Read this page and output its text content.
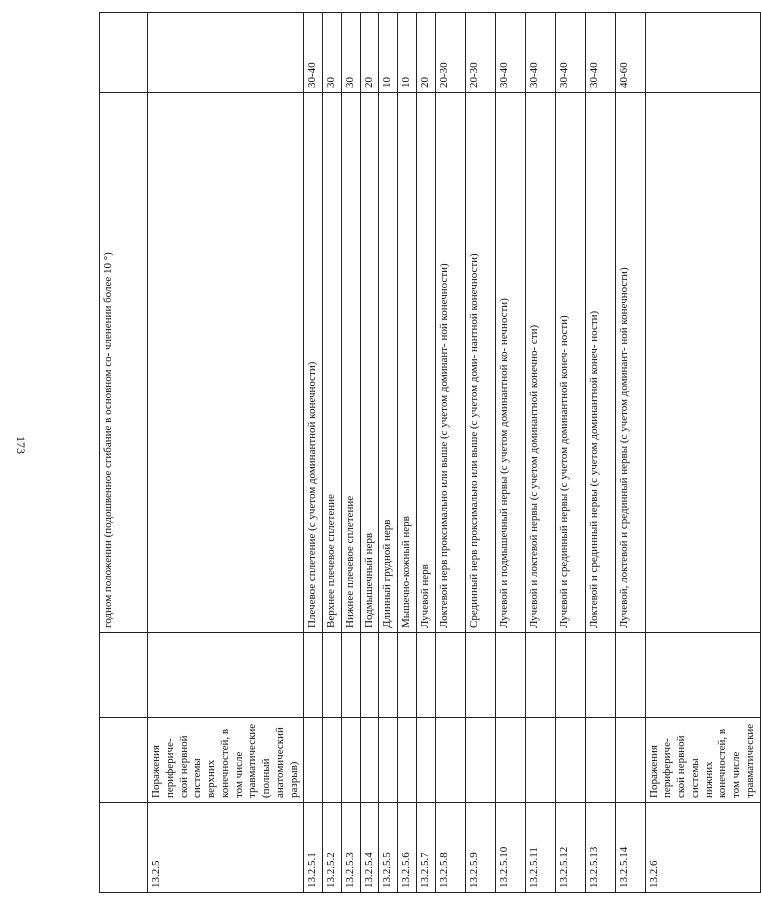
173
				годном положении (подошвенное сгибание в основном со- членении более 10 °)	
13.2.5	Поражения перифериче- ской нервной системы верхних конечностей, в том числе травматические (полный анатомический разрыв)			
13.2.5.1			Плечевое сплетение (с учетом доминантной конечности)	30-40
13.2.5.2			Верхнее плечевое сплетение	30
13.2.5.3			Нижнее плечевое сплетение	30
13.2.5.4			Подмышечный нерв	20
13.2.5.5			Длинный грудной нерв	10
13.2.5.6			Мышечно-кожный нерв	10
13.2.5.7			Лучевой нерв	20
13.2.5.8			Локтевой нерв проксимально или выше (с учетом доминант- ной конечности)	20-30
13.2.5.9			Срединный нерв проксимально или выше (с учетом доми- нантной конечности)	20-30
13.2.5.10			Лучевой и подмышечный нервы (с учетом доминантной ко- нечности)	30-40
13.2.5.11			Лучевой и локтевой нервы (с учетом доминантной конечно- сти)	30-40
13.2.5.12			Лучевой и срединный нервы (с учетом доминантной конеч- ности)	30-40
13.2.5.13			Локтевой и срединный нервы (с учетом доминантной конеч- ности)	30-40
13.2.5.14			Лучевой, локтевой и срединный нервы (с учетом доминант- ной конечности)	40-60
13.2.6	Поражения перифериче- ской нервной системы нижних конечностей, в том числе травматические			
